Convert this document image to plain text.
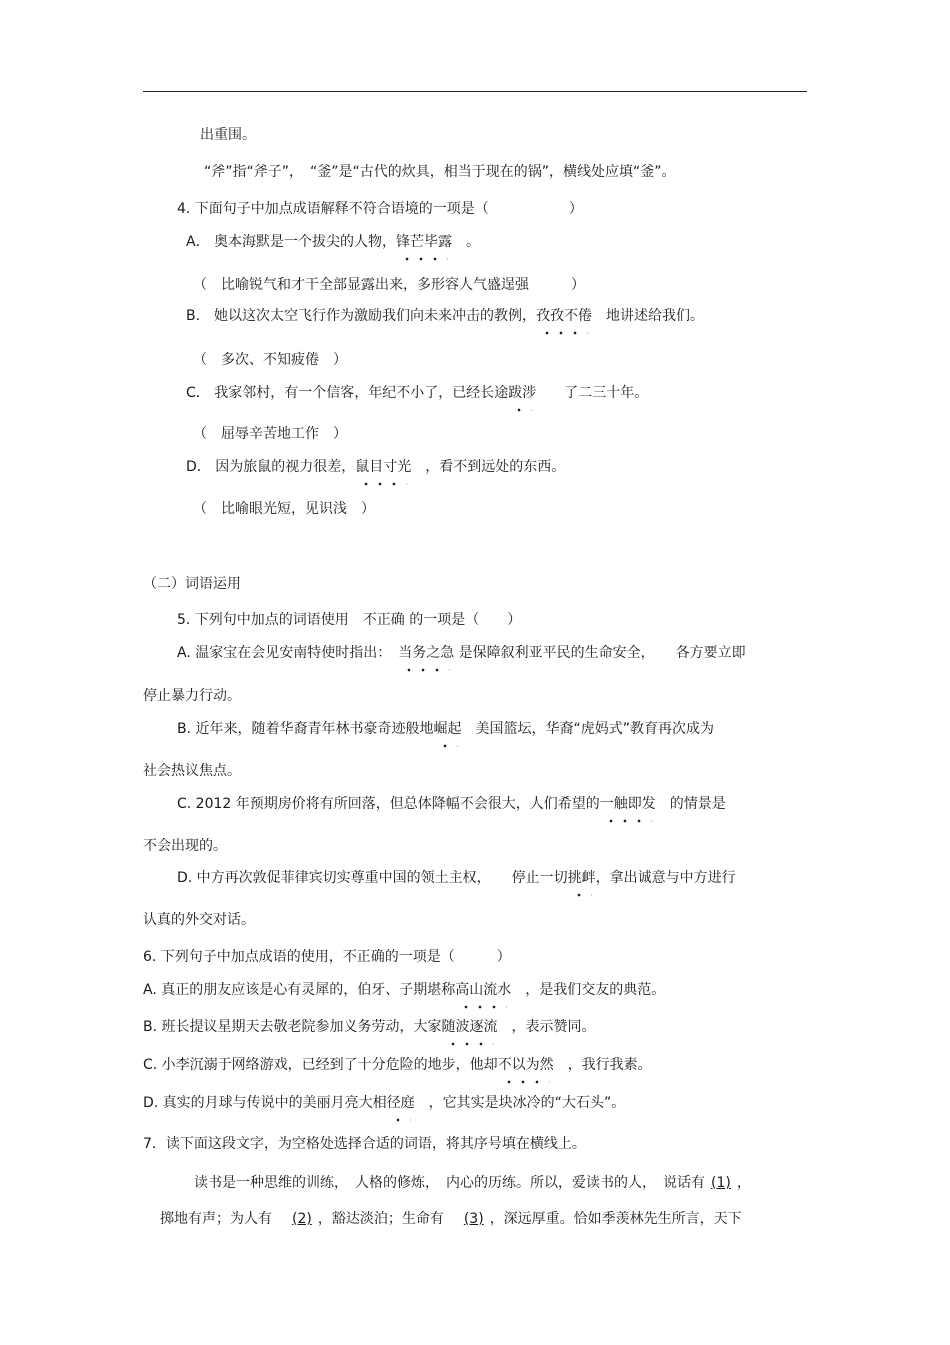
出重围。
“斧”指“斧子”，　“釜”是“古代的炊具，相当于现在的锅”，横线处应填“釜”。
4. 下面句子中加点成语解释不符合语境的一项是（	）
A． 奥本海默是一个拔尖的人物，锋芒毕露 。
（　比喻锐气和才干全部显露出来，多形容人气盛逞强　　　）
B． 她以这次太空飞行作为激励我们向未来冲击的教例，孜孜不倦　地讲述给我们。
（　多次、不知疲倦　）
C． 我家邻村，有一个信客，年纪不小了，已经长途跋涉　　了二三十年。
（　屈辱辛苦地工作　）
D． 因为旅鼠的视力很差，鼠目寸光 ，看不到远处的东西。
（　比喻眼光短，见识浅　）
（二）词语运用
5. 下列句中加点的词语使用　不正确 的一项是（　　）
A. 温家宝在会见安南特使时指出：　当务之急 是保障叙利亚平民的生命安全，　　各方要立即
停止暴力行动。
B. 近年来，随着华裔青年林书豪奇迹般地崛起　美国篮坛，华裔“虎妈式”教育再次成为
社会热议焦点。
C. 2012 年预期房价将有所回落，但总体降幅不会很大，人们希望的一触即发　的情景是
不会出现的。
D. 中方再次敦促菲律宾切实尊重中国的领土主权，　　停止一切挑衅，拿出诚意与中方进行
认真的外交对话。
6. 下列句子中加点成语的使用，不正确的一项是（　　　）
A. 真正的朋友应该是心有灵犀的，伯牙、子期堪称高山流水 ，是我们交友的典范。
B. 班长提议星期天去敬老院参加义务劳动，大家随波逐流 ，表示赞同。
C. 小李沉溺于网络游戏，已经到了十分危险的地步，他却不以为然 ，我行我素。
D. 真实的月球与传说中的美丽月亮大相径庭　，它其实是块冰冷的“大石头”。
7．读下面这段文字，为空格处选择合适的词语，将其序号填在横线上。
读书是一种思维的训练，　人格的修炼，　内心的历练。所以，爱读书的人，　说话有 (1) ，
掷地有声；为人有　(2) ，豁达淡泊；生命有　(3) ，深远厚重。恰如季羡林先生所言，天下
